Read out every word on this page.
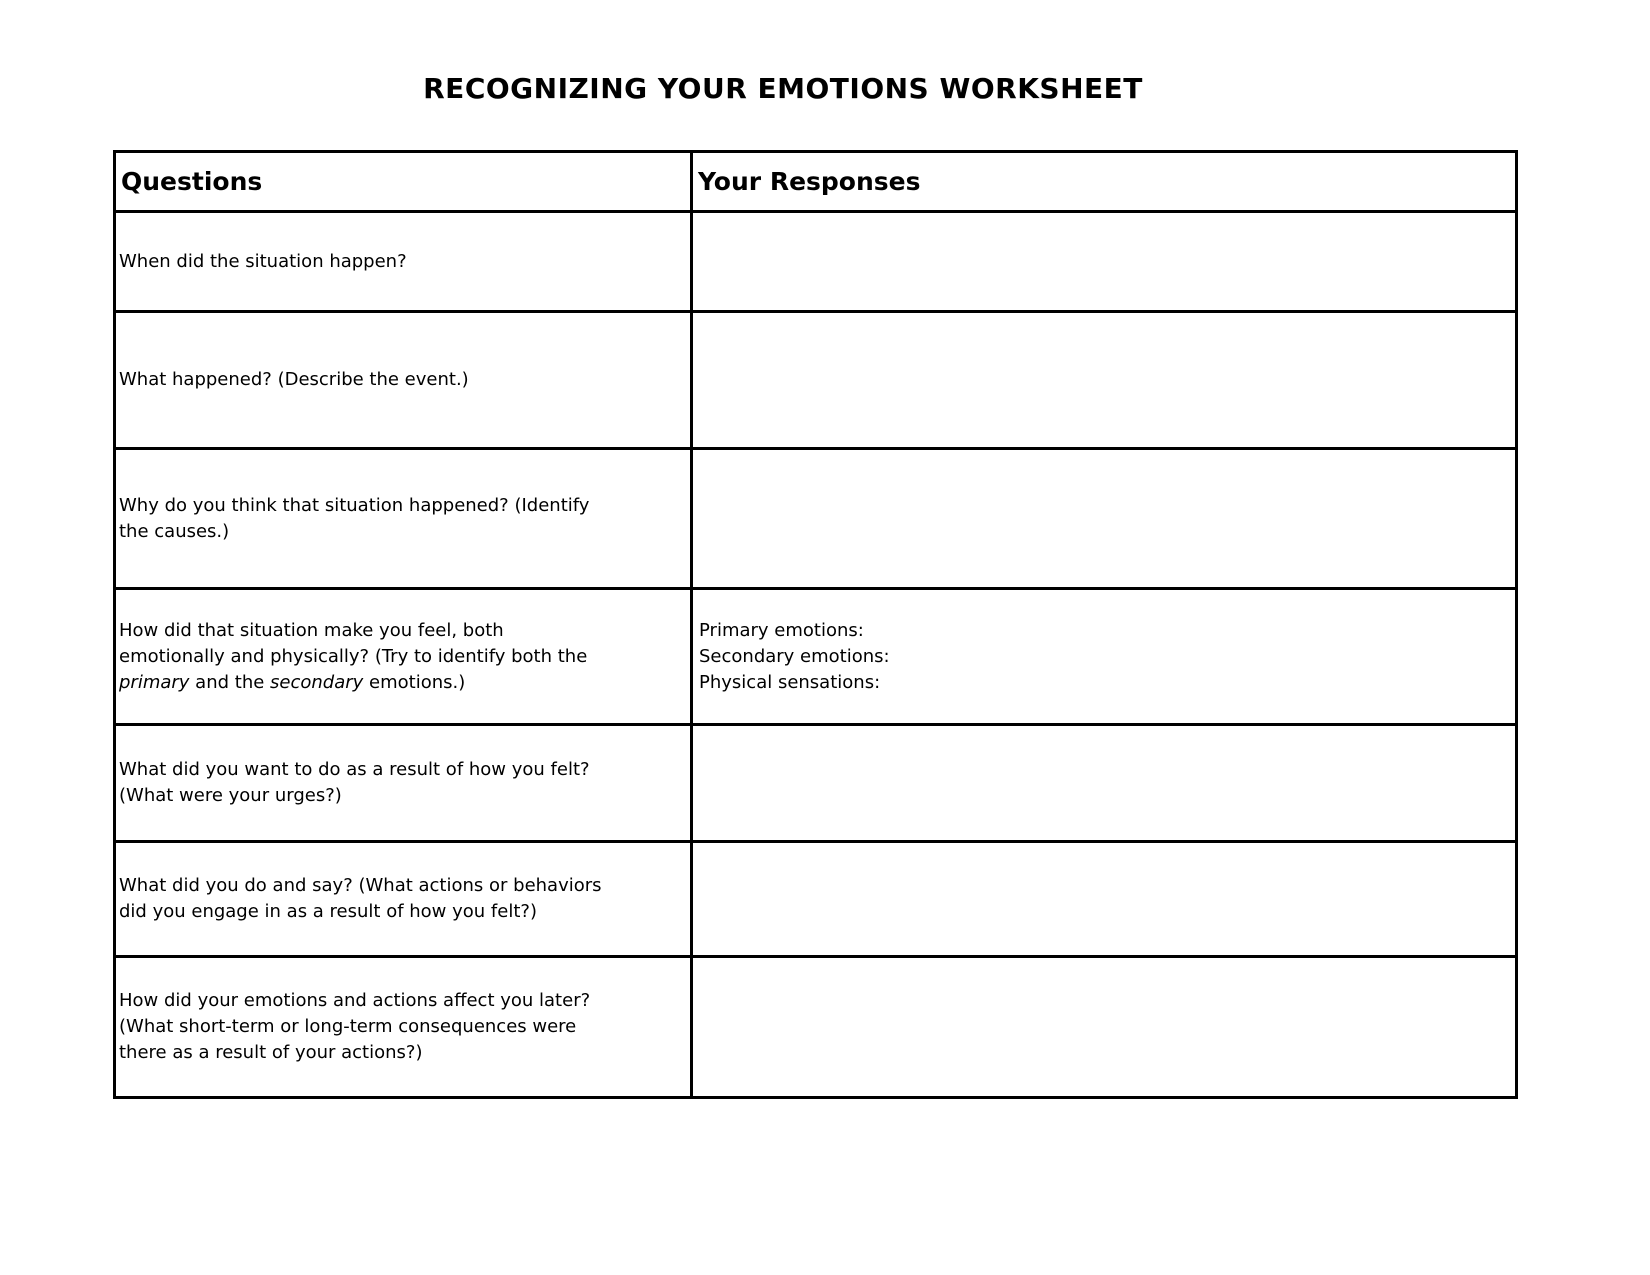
RECOGNIZING YOUR EMOTIONS WORKSHEET
Questions	Your Responses

When did the situation happen?	

What happened? (Describe the event.)	

Why do you think that situation happened? (Identify
the causes.)	

How did that situation make you feel, both
emotionally and physically? (Try to identify both the
primary and the secondary emotions.)	Primary emotions:
Secondary emotions:
Physical sensations:

What did you want to do as a result of how you felt?
(What were your urges?)	

What did you do and say? (What actions or behaviors
did you engage in as a result of how you felt?)	

How did your emotions and actions affect you later?
(What short-term or long-term consequences were
there as a result of your actions?)	
